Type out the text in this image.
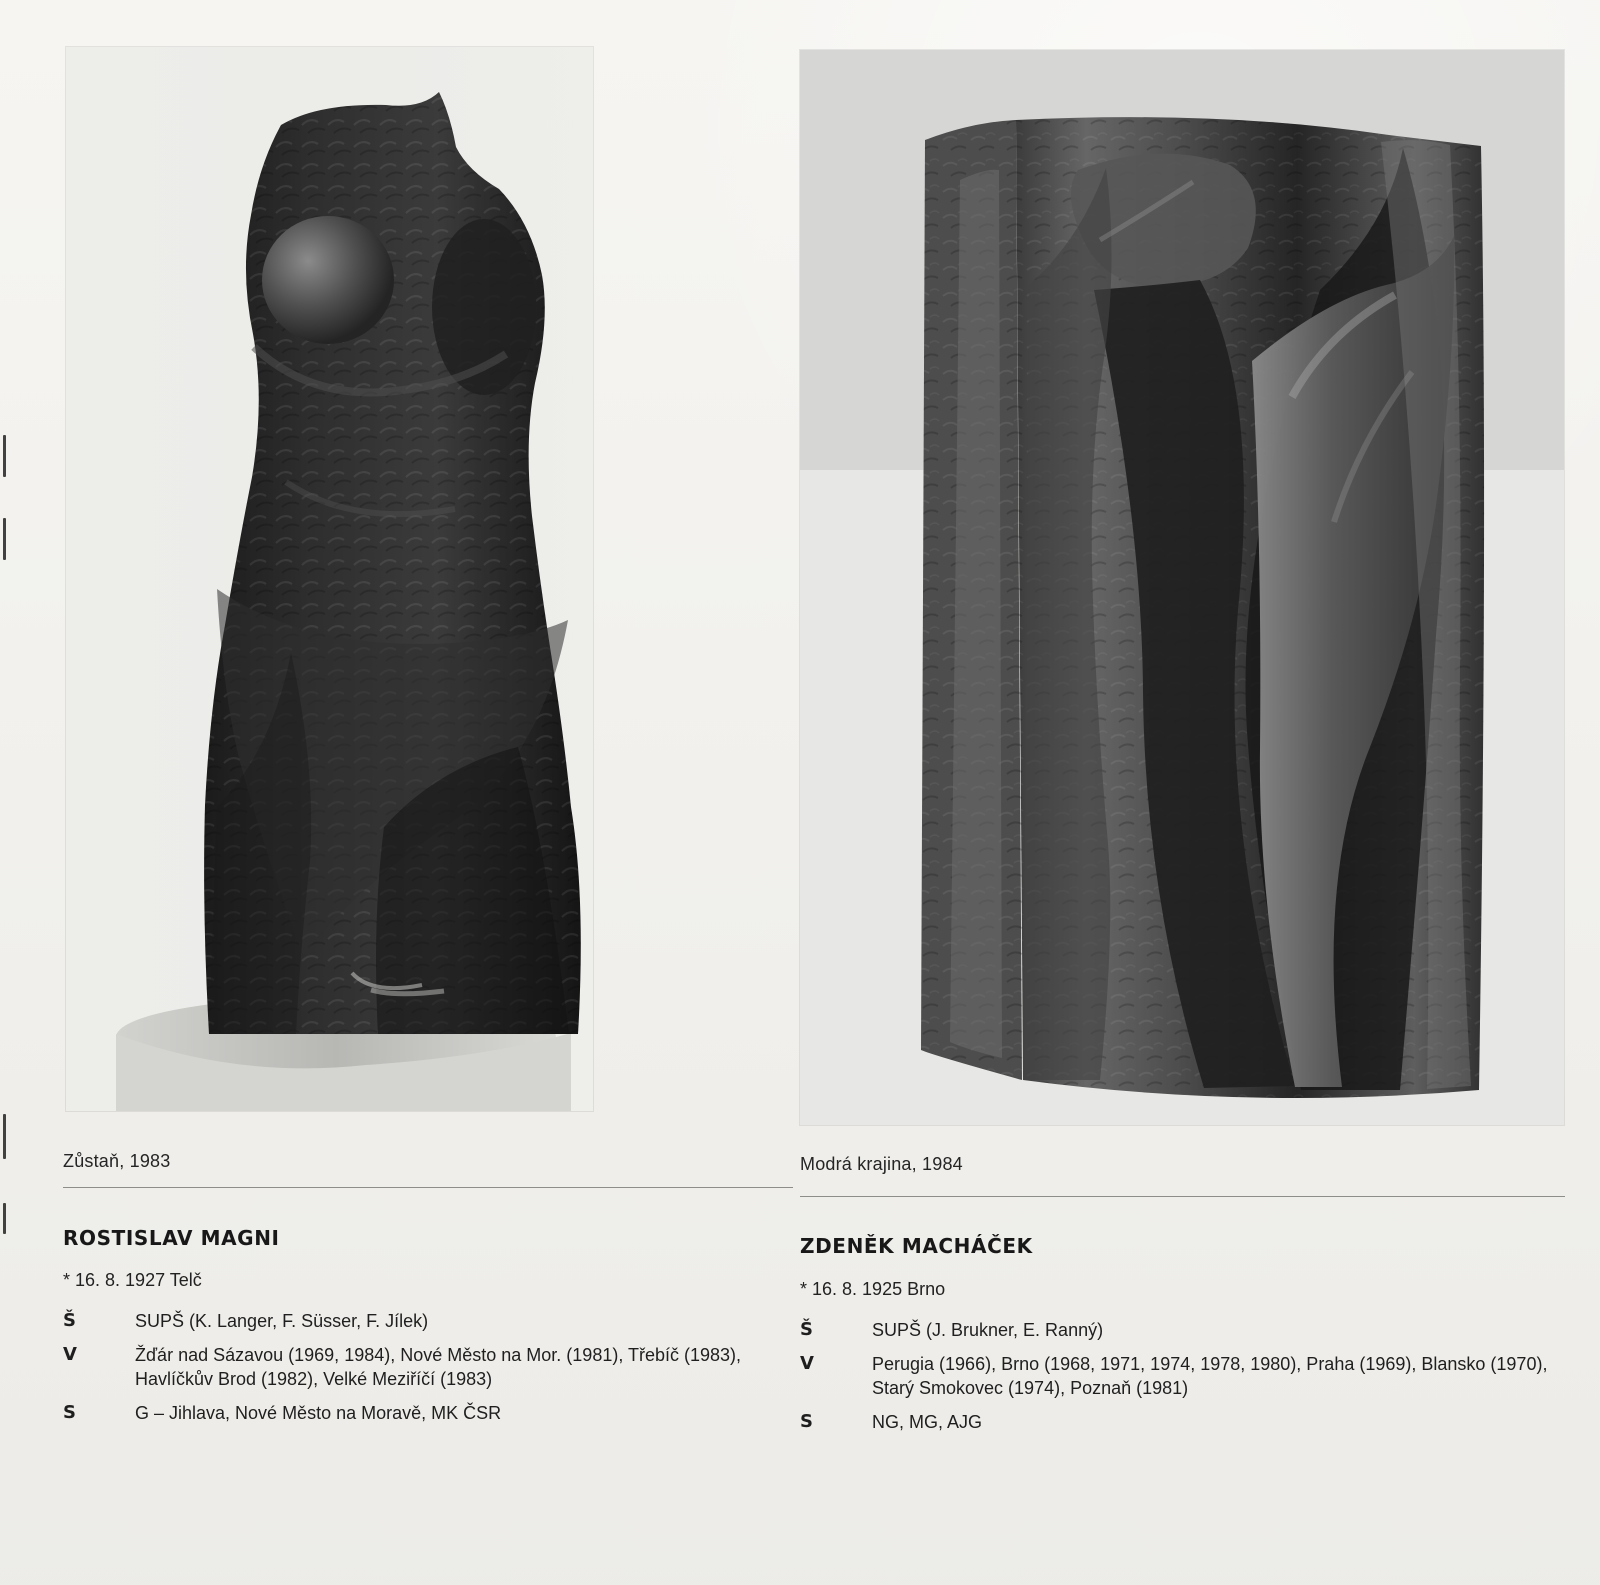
Zůstaň, 1983	Modrá krajina, 1984
ROSTISLAV MAGNI	ZDENĚK MACHÁČEK
* 16. 8. 1927 Telč	* 16. 8. 1925 Brno
Š	SUPŠ (K. Langer, F. Süsser, F. Jílek)
V	Žďár nad Sázavou (1969, 1984), Nové Město na Mor. (1981), Třebíč (1983), Havlíčkův Brod (1982), Velké Meziříčí (1983)
S	G – Jihlava, Nové Město na Moravě, MK ČSR
Š	SUPŠ (J. Brukner, E. Ranný)
V	Perugia (1966), Brno (1968, 1971, 1974, 1978, 1980), Praha (1969), Blansko (1970), Starý Smokovec (1974), Poznaň (1981)
S	NG, MG, AJG
